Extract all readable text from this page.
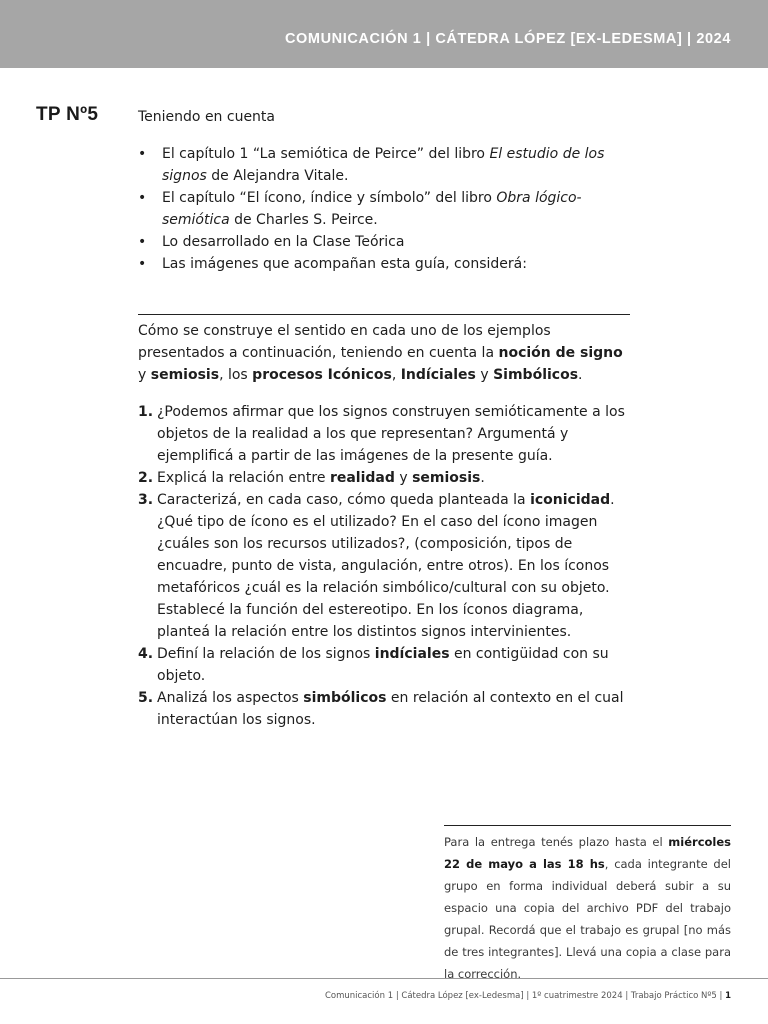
COMUNICACIÓN 1 | CÁTEDRA LÓPEZ [EX-LEDESMA] | 2024
TP Nº5	Teniendo en cuenta

• El capítulo 1 “La semiótica de Peirce” del libro El estudio de los signos de Alejandra Vitale.
• El capítulo “El ícono, índice y símbolo” del libro Obra lógico-semiótica de Charles S. Peirce.
• Lo desarrollado en la Clase Teórica
• Las imágenes que acompañan esta guía, considerá:

Cómo se construye el sentido en cada uno de los ejemplos presentados a continuación, teniendo en cuenta la noción de signo y semiosis, los procesos Icónicos, Indíciales y Simbólicos.

1. ¿Podemos afirmar que los signos construyen semióticamente a los objetos de la realidad a los que representan? Argumentá y ejemplificá a partir de las imágenes de la presente guía.
2. Explicá la relación entre realidad y semiosis.
3. Caracterizá, en cada caso, cómo queda planteada la iconicidad. ¿Qué tipo de ícono es el utilizado? En el caso del ícono imagen ¿cuáles son los recursos utilizados?, (composición, tipos de encuadre, punto de vista, angulación, entre otros). En los íconos metafóricos ¿cuál es la relación simbólico/cultural con su objeto. Establecé la función del estereotipo. En los íconos diagrama, planteá la relación entre los distintos signos intervinientes.
4. Definí la relación de los signos indíciales en contigüidad con su objeto.
5. Analizá los aspectos simbólicos en relación al contexto en el cual interactúan los signos.
Para la entrega tenés plazo hasta el miércoles 22 de mayo a las 18 hs, cada integrante del grupo en forma individual deberá subir a su espacio una copia del archivo PDF del trabajo grupal. Recordá que el trabajo es grupal [no más de tres integrantes]. Llevá una copia a clase para la corrección.
Comunicación 1 | Cátedra López [ex-Ledesma] | 1º cuatrimestre 2024 | Trabajo Práctico Nº5 | 1
